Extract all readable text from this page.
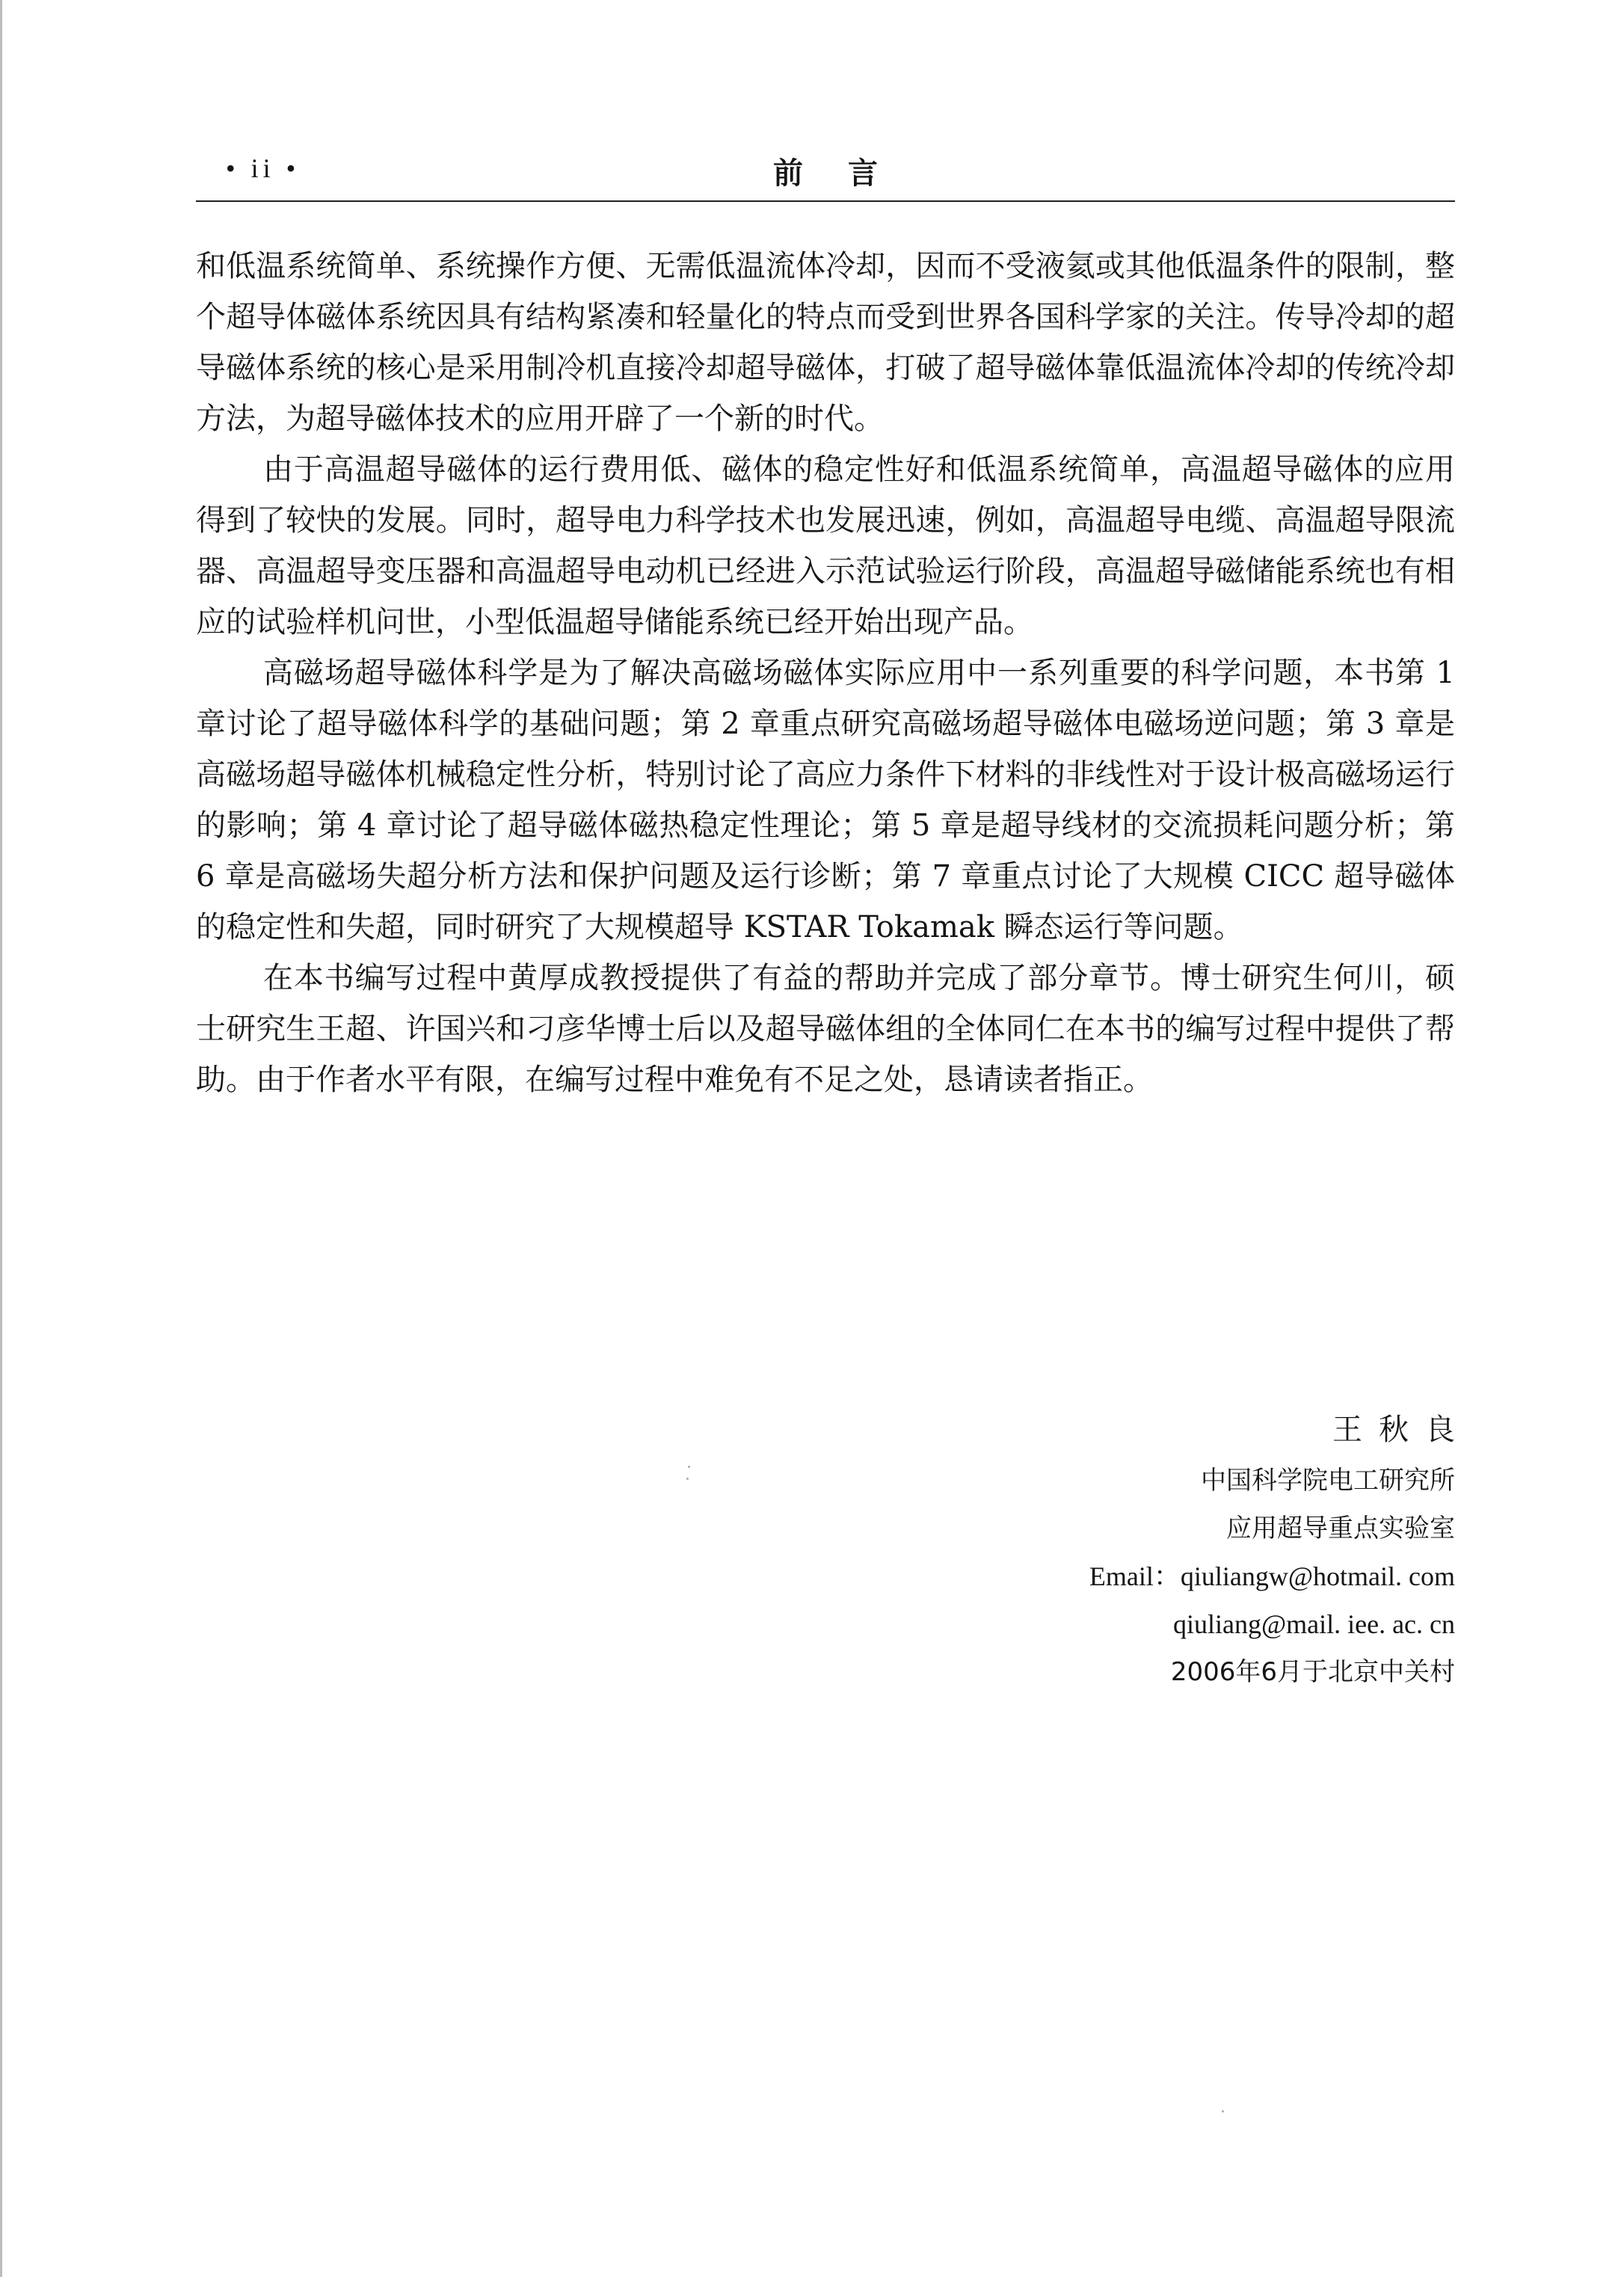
• ii •	前言

和低温系统简单、系统操作方便、无需低温流体冷却，因而不受液氦或其他低温条件的限制，整个超导体磁体系统因具有结构紧凑和轻量化的特点而受到世界各国科学家的关注。传导冷却的超导磁体系统的核心是采用制冷机直接冷却超导磁体，打破了超导磁体靠低温流体冷却的传统冷却方法，为超导磁体技术的应用开辟了一个新的时代。

由于高温超导磁体的运行费用低、磁体的稳定性好和低温系统简单，高温超导磁体的应用得到了较快的发展。同时，超导电力科学技术也发展迅速，例如，高温超导电缆、高温超导限流器、高温超导变压器和高温超导电动机已经进入示范试验运行阶段，高温超导磁储能系统也有相应的试验样机问世，小型低温超导储能系统已经开始出现产品。

高磁场超导磁体科学是为了解决高磁场磁体实际应用中一系列重要的科学问题，本书第 1 章讨论了超导磁体科学的基础问题；第 2 章重点研究高磁场超导磁体电磁场逆问题；第 3 章是高磁场超导磁体机械稳定性分析，特别讨论了高应力条件下材料的非线性对于设计极高磁场运行的影响；第 4 章讨论了超导磁体磁热稳定性理论；第 5 章是超导线材的交流损耗问题分析；第 6 章是高磁场失超分析方法和保护问题及运行诊断；第 7 章重点讨论了大规模 CICC 超导磁体的稳定性和失超，同时研究了大规模超导 KSTAR Tokamak 瞬态运行等问题。

在本书编写过程中黄厚成教授提供了有益的帮助并完成了部分章节。博士研究生何川，硕士研究生王超、许国兴和刁彦华博士后以及超导磁体组的全体同仁在本书的编写过程中提供了帮助。由于作者水平有限，在编写过程中难免有不足之处，恳请读者指正。

王秋良
中国科学院电工研究所
应用超导重点实验室
Email：qiuliangw@hotmail. com
qiuliang@mail. iee. ac. cn
2006年6月于北京中关村
